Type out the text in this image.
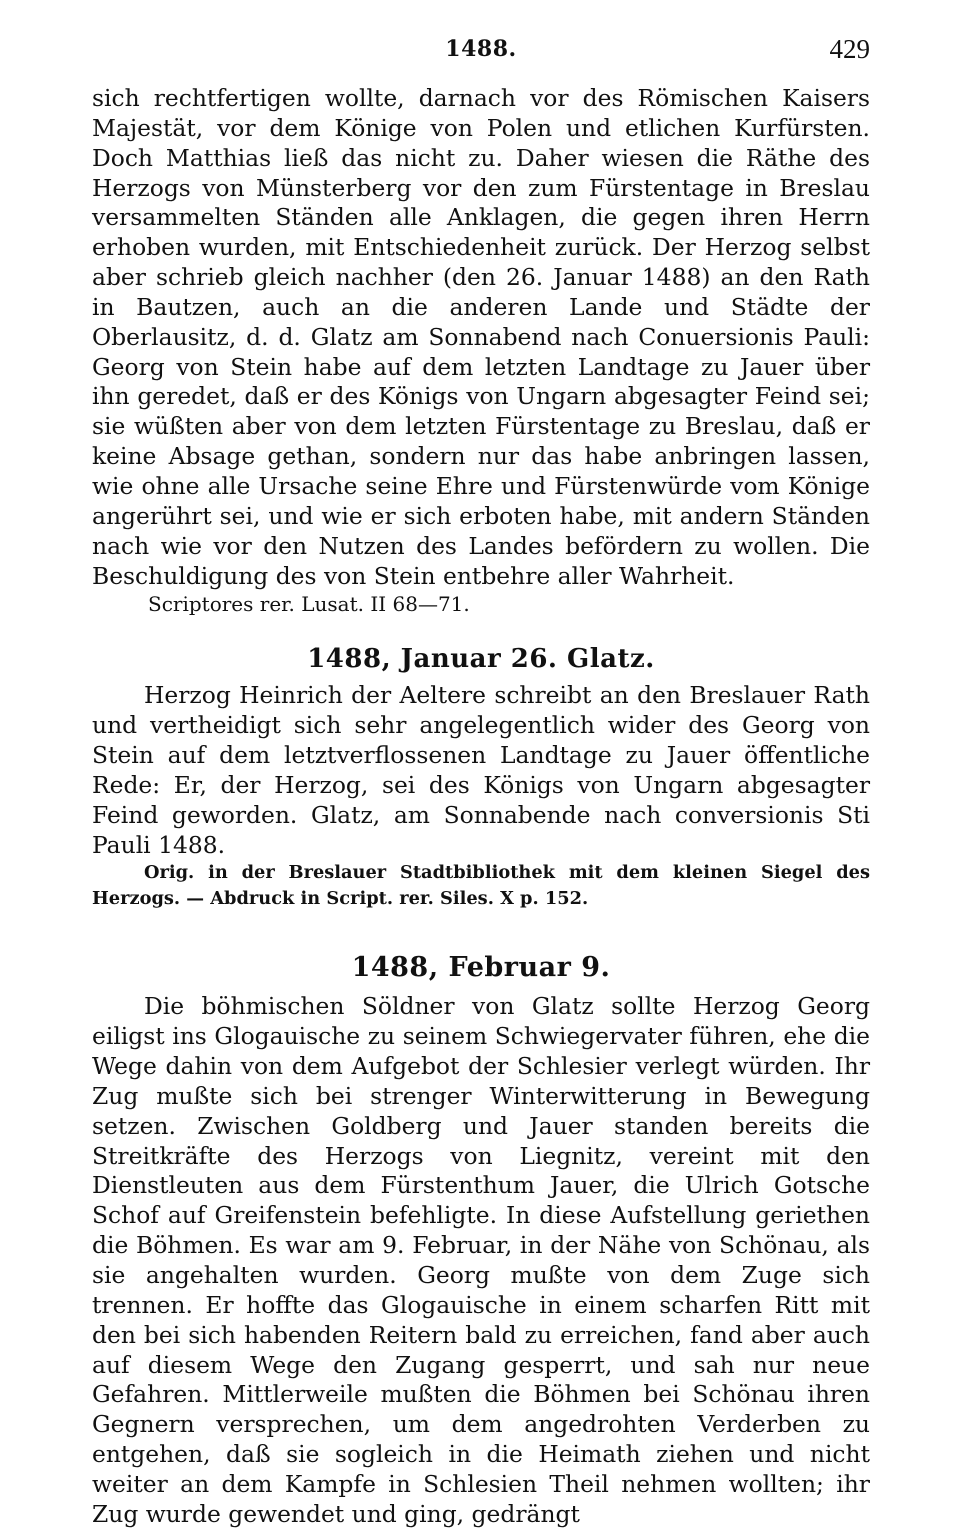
1488.	429

sich rechtfertigen wollte, darnach vor des Römischen Kaisers Majestät, vor dem Könige von Polen und etlichen Kurfürsten. Doch Matthias ließ das nicht zu. Daher wiesen die Räthe des Herzogs von Münsterberg vor den zum Fürstentage in Breslau versammelten Ständen alle Anklagen, die gegen ihren Herrn erhoben wurden, mit Entschiedenheit zurück. Der Herzog selbst aber schrieb gleich nachher (den 26. Januar 1488) an den Rath in Bautzen, auch an die anderen Lande und Städte der Oberlausitz, d. d. Glatz am Sonnabend nach Conuersionis Pauli: Georg von Stein habe auf dem letzten Landtage zu Jauer über ihn geredet, daß er des Königs von Ungarn abgesagter Feind sei; sie wüßten aber von dem letzten Fürstentage zu Breslau, daß er keine Absage gethan, sondern nur das habe anbringen lassen, wie ohne alle Ursache seine Ehre und Fürstenwürde vom Könige angerührt sei, und wie er sich erboten habe, mit andern Ständen nach wie vor den Nutzen des Landes befördern zu wollen. Die Beschuldigung des von Stein entbehre aller Wahrheit.

Scriptores rer. Lusat. II 68—71.

1488, Januar 26. Glatz.

Herzog Heinrich der Aeltere schreibt an den Breslauer Rath und vertheidigt sich sehr angelegentlich wider des Georg von Stein auf dem letztverflossenen Landtage zu Jauer öffentliche Rede: Er, der Herzog, sei des Königs von Ungarn abgesagter Feind geworden. Glatz, am Sonnabende nach conversionis Sti Pauli 1488.

Orig. in der Breslauer Stadtbibliothek mit dem kleinen Siegel des Herzogs. — Abdruck in Script. rer. Siles. X p. 152.

1488, Februar 9.

Die böhmischen Söldner von Glatz sollte Herzog Georg eiligst ins Glogauische zu seinem Schwiegervater führen, ehe die Wege dahin von dem Aufgebot der Schlesier verlegt würden. Ihr Zug mußte sich bei strenger Winterwitterung in Bewegung setzen. Zwischen Goldberg und Jauer standen bereits die Streitkräfte des Herzogs von Liegnitz, vereint mit den Dienstleuten aus dem Fürstenthum Jauer, die Ulrich Gotsche Schof auf Greifenstein befehligte. In diese Aufstellung geriethen die Böhmen. Es war am 9. Februar, in der Nähe von Schönau, als sie angehalten wurden. Georg mußte von dem Zuge sich trennen. Er hoffte das Glogauische in einem scharfen Ritt mit den bei sich habenden Reitern bald zu erreichen, fand aber auch auf diesem Wege den Zugang gesperrt, und sah nur neue Gefahren. Mittlerweile mußten die Böhmen bei Schönau ihren Gegnern versprechen, um dem angedrohten Verderben zu entgehen, daß sie sogleich in die Heimath ziehen und nicht weiter an dem Kampfe in Schlesien Theil nehmen wollten; ihr Zug wurde gewendet und ging, gedrängt
